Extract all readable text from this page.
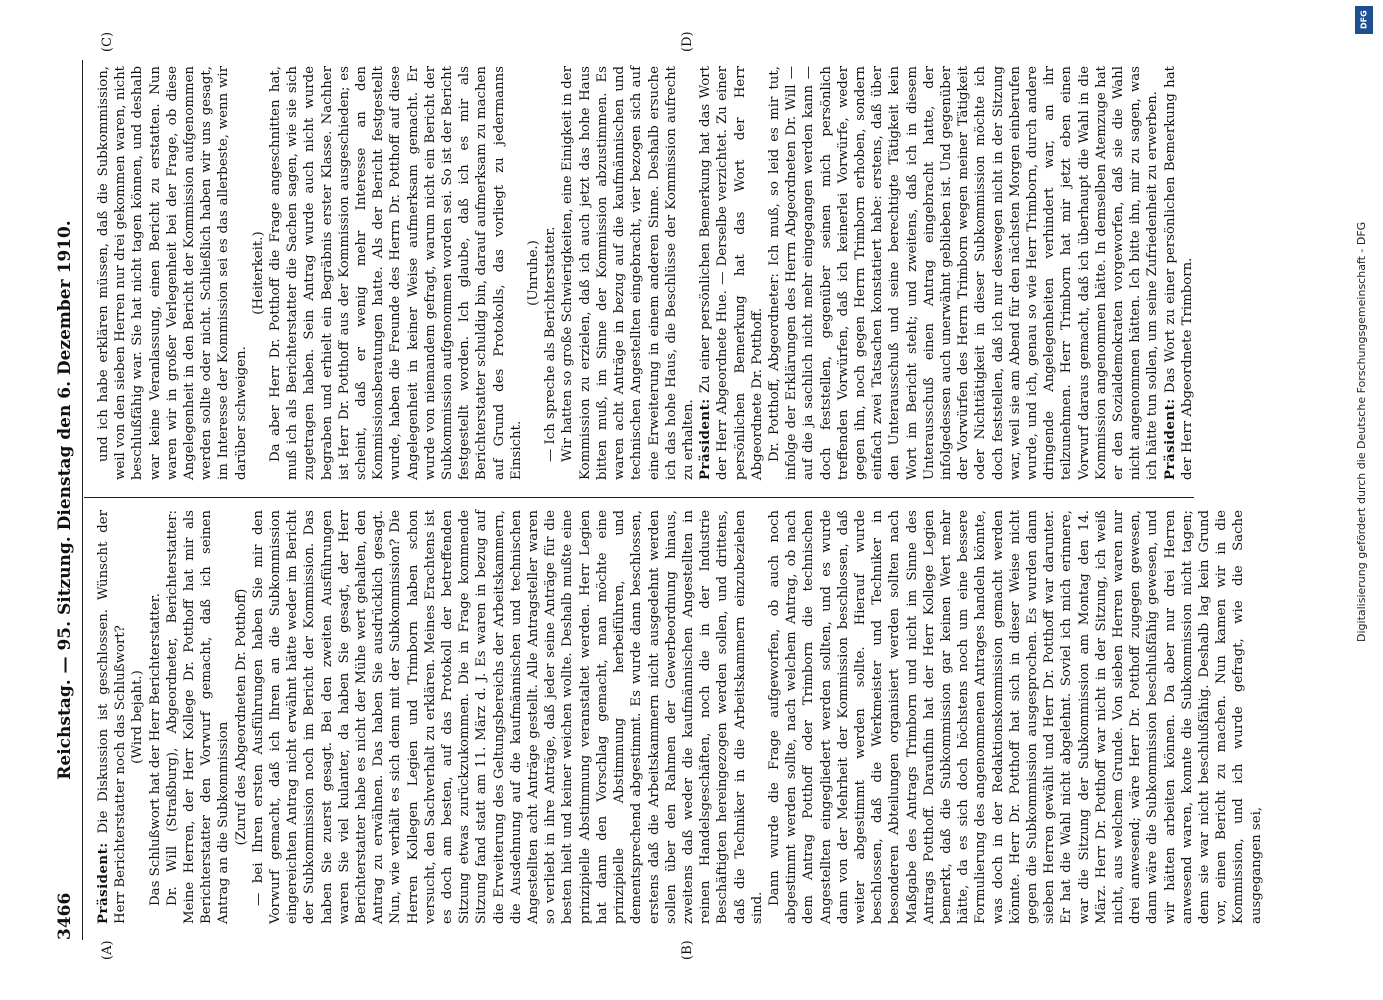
3466
Reichstag. — 95. Sitzung. Dienstag den 6. Dezember 1910.
(A)	(B)
(C)	(D)

Präsident: Die Diskussion ist geschlossen. Wünscht der Herr Berichterstatter noch das Schlußwort? (Wird bejaht.) Das Schlußwort hat der Herr Berichterstatter. Dr. Will (Straßburg), Abgeordneter, Berichterstatter: Meine Herren, der Herr Kollege Dr. Potthoff hat mir als Berichterstatter den Vorwurf gemacht, daß ich seinen Antrag an die Subkommission (Zuruf des Abgeordneten Dr. Potthoff) — bei Ihren ersten Ausführungen haben Sie mir den Vorwurf gemacht, daß ich Ihren an die Subkommission eingereichten Antrag nicht erwähnt hätte weder im Bericht der Subkommission noch im Bericht der Kommission. Das haben Sie zuerst gesagt. Bei den zweiten Ausführungen waren Sie viel kulanter, da haben Sie gesagt, der Herr Berichterstatter habe es nicht der Mühe wert gehalten, den Antrag zu erwähnen. Das haben Sie ausdrücklich gesagt. Nun, wie verhält es sich denn mit der Subkommission? Die Herren Kollegen Legien und Trimborn haben schon versucht, den Sachverhalt zu erklären. Meines Erachtens ist es doch am besten, auf das Protokoll der betreffenden Sitzung etwas zurückzukommen. Die in Frage kommende Sitzung fand statt am 11. März d. J. Es waren in bezug auf die Erweiterung des Geltungsbereichs der Arbeitskammern, die Ausdehnung auf die kaufmännischen und technischen Angestellten acht Anträge gestellt. Alle Antragsteller waren so verliebt in ihre Anträge, daß jeder seine Anträge für die besten hielt und keiner weichen wollte. Deshalb mußte eine prinzipielle Abstimmung veranstaltet werden. Herr Legien hat dann den Vorschlag gemacht, man möchte eine prinzipielle Abstimmung herbeiführen, und dementsprechend abgestimmt. Es wurde dann beschlossen, erstens daß die Arbeitskammern nicht ausgedehnt werden sollen über den Rahmen der Gewerbeordnung hinaus, zweitens daß weder die kaufmännischen Angestellten in reinen Handelsgeschäften, noch die in der Industrie Beschäftigten hereingezogen werden sollen, und drittens, daß die Techniker in die Arbeitskammern einzubeziehen sind.

Dann wurde die Frage aufgeworfen, ob auch noch abgestimmt werden sollte, nach welchem Antrag, ob nach dem Antrag Potthoff oder Trimborn die technischen Angestellten eingegliedert werden sollten, und es wurde dann von der Mehrheit der Kommission beschlossen, daß weiter abgestimmt werden sollte. Hierauf wurde beschlossen, daß die Werkmeister und Techniker in besonderen Abteilungen organisiert werden sollten nach Maßgabe des Antrags Trimborn und nicht im Sinne des Antrags Potthoff. Daraufhin hat der Herr Kollege Legien bemerkt, daß die Subkommission gar keinen Wert mehr hätte, da es sich doch höchstens noch um eine bessere Formulierung des angenommenen Antrages handeln könnte, was doch in der Redaktionskommission gemacht werden könnte. Herr Dr. Potthoff hat sich in dieser Weise nicht gegen die Subkommission ausgesprochen. Es wurden dann sieben Herren gewählt und Herr Dr. Potthoff war darunter. Er hat die Wahl nicht abgelehnt. Soviel ich mich erinnere, war die Sitzung der Subkommission am Montag den 14. März. Herr Dr. Potthoff war nicht in der Sitzung, ich weiß nicht, aus welchem Grunde. Von sieben Herren waren nur drei anwesend; wäre Herr Dr. Potthoff zugegen gewesen, dann wäre die Subkommission beschlußfähig gewesen, und wir hätten arbeiten können. Da aber nur drei Herren anwesend waren, konnte die Subkommission nicht tagen; denn sie war nicht beschlußfähig. Deshalb lag kein Grund vor, einen Bericht zu machen. Nun kamen wir in die Kommission, und ich wurde gefragt, wie die Sache ausgegangen sei,

und ich habe erklären müssen, daß die Subkommission, weil von den sieben Herren nur drei gekommen waren, nicht beschlußfähig war. Sie hat nicht tagen können, und deshalb war keine Veranlassung, einen Bericht zu erstatten. Nun waren wir in großer Verlegenheit bei der Frage, ob diese Angelegenheit in den Bericht der Kommission aufgenommen werden sollte oder nicht. Schließlich haben wir uns gesagt, im Interesse der Kommission sei es das allerbeste, wenn wir darüber schweigen.

(Heiterkeit.) Da aber Herr Dr. Potthoff die Frage angeschnitten hat, muß ich als Berichterstatter die Sachen sagen, wie sie sich zugetragen haben. Sein Antrag wurde auch nicht wurde begraben und erhielt ein Begräbnis erster Klasse. Nachher ist Herr Dr. Potthoff aus der Kommission ausgeschieden; es scheint, daß er wenig mehr Interesse an den Kommissionsberatungen hatte. Als der Bericht festgestellt wurde, haben die Freunde des Herrn Dr. Potthoff auf diese Angelegenheit in keiner Weise aufmerksam gemacht. Er wurde von niemandem gefragt, warum nicht ein Bericht der Subkommission aufgenommen worden sei. So ist der Bericht festgestellt worden. Ich glaube, daß ich es mir als Berichterstatter schuldig bin, darauf aufmerksam zu machen auf Grund des Protokolls, das vorliegt zu jedermanns Einsicht.

(Unruhe.) — Ich spreche als Berichterstatter. Wir hatten so große Schwierigkeiten, eine Einigkeit in der Kommission zu erzielen, daß ich auch jetzt das hohe Haus bitten muß, im Sinne der Kommission abzustimmen. Es waren acht Anträge in bezug auf die kaufmännischen und technischen Angestellten eingebracht, vier bezogen sich auf eine Erweiterung in einem anderen Sinne. Deshalb ersuche ich das hohe Haus, die Beschlüsse der Kommission aufrecht zu erhalten. Präsident: Zu einer persönlichen Bemerkung hat das Wort der Herr Abgeordnete Hue. — Derselbe verzichtet. Zu einer persönlichen Bemerkung hat das Wort der Herr Abgeordnete Dr. Potthoff. Dr. Potthoff, Abgeordneter: Ich muß, so leid es mir tut, infolge der Erklärungen des Herrn Abgeordneten Dr. Will — auf die ja sachlich nicht mehr eingegangen werden kann — doch feststellen, gegenüber seinen mich persönlich treffenden Vorwürfen, daß ich keinerlei Vorwürfe, weder gegen ihn, noch gegen Herrn Trimborn erhoben, sondern einfach zwei Tatsachen konstatiert habe: erstens, daß über den Unterausschuß und seine berechtigte Tätigkeit kein Wort im Bericht steht; und zweitens, daß ich in diesem Unterausschuß einen Antrag eingebracht hatte, der infolgedessen auch unerwähnt geblieben ist. Und gegenüber der Vorwürfen des Herrn Trimborn wegen meiner Tätigkeit oder Nichttätigkeit in dieser Subkommission möchte ich doch feststellen, daß ich nur deswegen nicht in der Sitzung war, weil sie am Abend für den nächsten Morgen einberufen wurde, und ich, genau so wie Herr Trimborn, durch andere dringende Angelegenheiten verhindert war, an ihr teilzunehmen. Herr Trimborn hat mir jetzt eben einen Vorwurf daraus gemacht, daß ich überhaupt die Wahl in die Kommission angenommen hätte. In demselben Atemzuge hat er den Sozialdemokraten vorgeworfen, daß sie die Wahl nicht angenommen hätten. Ich bitte ihn, mir zu sagen, was ich hätte tun sollen, um seine Zufriedenheit zu erwerben. Präsident: Das Wort zu einer persönlichen Bemerkung hat der Herr Abgeordnete Trimborn.

DFG
Digitalisierung gefördert durch die Deutsche Forschungsgemeinschaft - DFG
